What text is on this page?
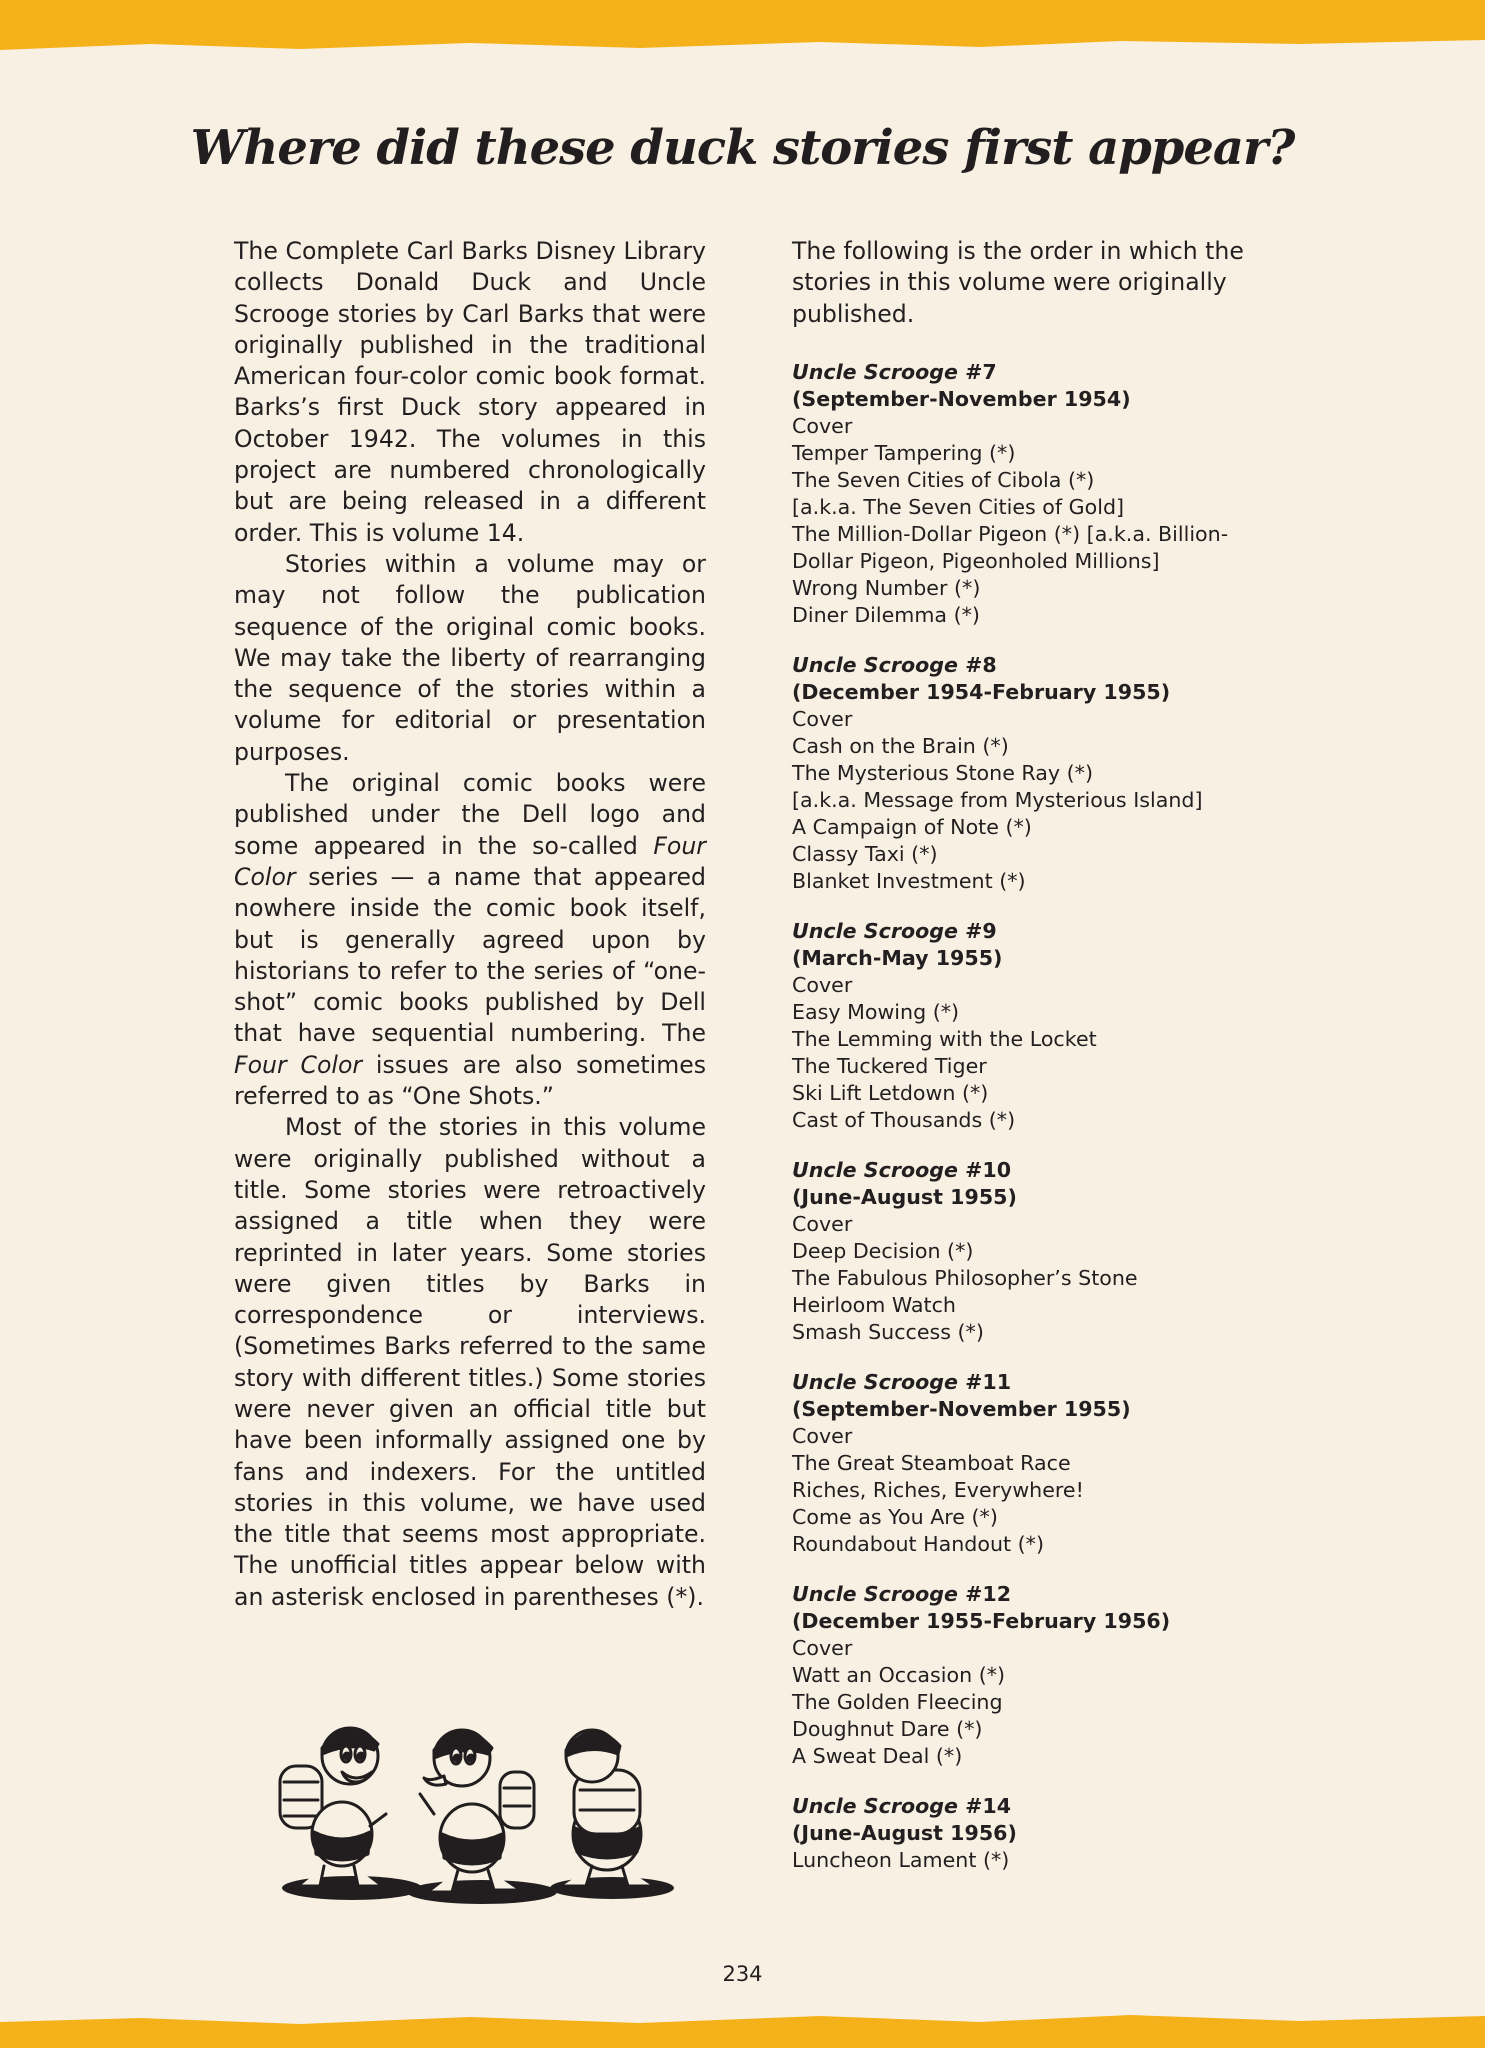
Where did these duck stories first appear?

The Complete Carl Barks Disney Library collects Donald Duck and Uncle Scrooge stories by Carl Barks that were originally published in the traditional American four-color comic book format. Barks’s first Duck story appeared in October 1942. The volumes in this project are numbered chronologically but are being released in a different order. This is volume 14.

Stories within a volume may or may not follow the publication sequence of the original comic books. We may take the liberty of rearranging the sequence of the stories within a volume for editorial or presentation purposes.

The original comic books were published under the Dell logo and some appeared in the so-called Four Color series — a name that appeared nowhere inside the comic book itself, but is generally agreed upon by historians to refer to the series of “one-shot” comic books published by Dell that have sequential numbering. The Four Color issues are also sometimes referred to as “One Shots.”

Most of the stories in this volume were originally published without a title. Some stories were retroactively assigned a title when they were reprinted in later years. Some stories were given titles by Barks in correspondence or interviews. (Sometimes Barks referred to the same story with different titles.) Some stories were never given an official title but have been informally assigned one by fans and indexers. For the untitled stories in this volume, we have used the title that seems most appropriate. The unofficial titles appear below with an asterisk enclosed in parentheses (*).

The following is the order in which the stories in this volume were originally published.

Uncle Scrooge #7
(September-November 1954)
Cover
Temper Tampering (*)
The Seven Cities of Cibola (*)
[a.k.a. The Seven Cities of Gold]
The Million-Dollar Pigeon (*) [a.k.a. Billion-Dollar Pigeon, Pigeonholed Millions]
Wrong Number (*)
Diner Dilemma (*)
Uncle Scrooge #8
(December 1954-February 1955)
Cover
Cash on the Brain (*)
The Mysterious Stone Ray (*)
[a.k.a. Message from Mysterious Island]
A Campaign of Note (*)
Classy Taxi (*)
Blanket Investment (*)
Uncle Scrooge #9
(March-May 1955)
Cover
Easy Mowing (*)
The Lemming with the Locket
The Tuckered Tiger
Ski Lift Letdown (*)
Cast of Thousands (*)
Uncle Scrooge #10
(June-August 1955)
Cover
Deep Decision (*)
The Fabulous Philosopher’s Stone
Heirloom Watch
Smash Success (*)
Uncle Scrooge #11
(September-November 1955)
Cover
The Great Steamboat Race
Riches, Riches, Everywhere!
Come as You Are (*)
Roundabout Handout (*)
Uncle Scrooge #12
(December 1955-February 1956)
Cover
Watt an Occasion (*)
The Golden Fleecing
Doughnut Dare (*)
A Sweat Deal (*)
Uncle Scrooge #14
(June-August 1956)
Luncheon Lament (*)
234
